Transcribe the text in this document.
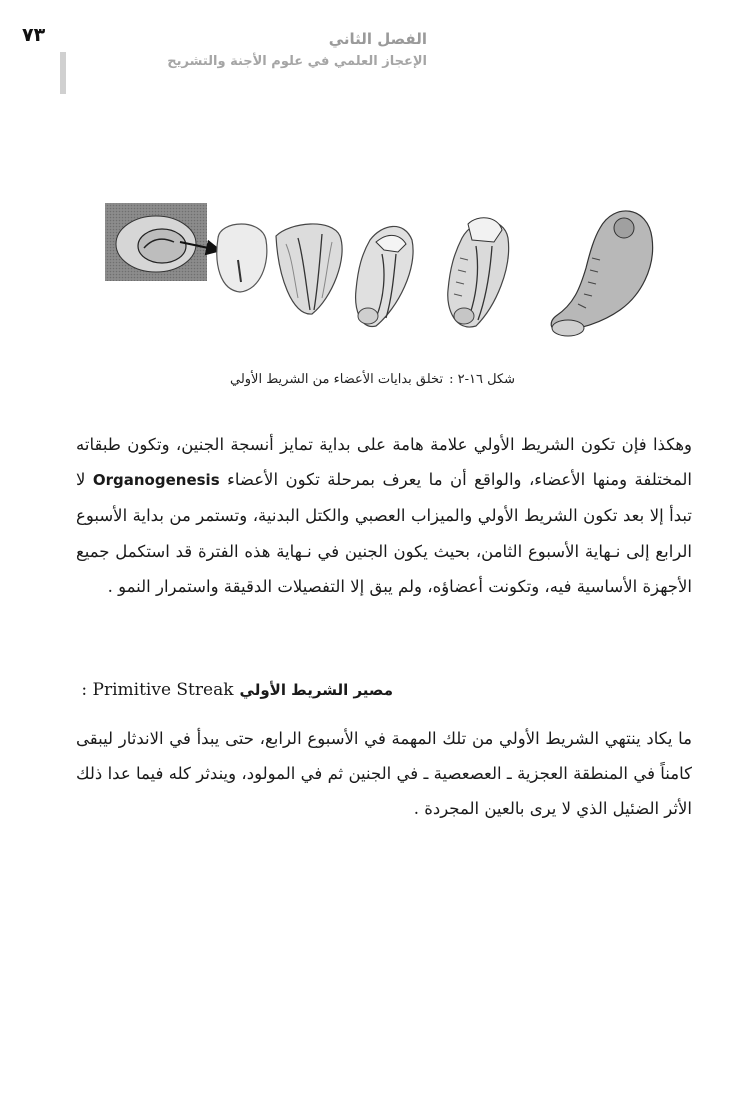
٧٣	الفصل الثاني
الإعجاز العلمي في علوم الأجنة والتشريح
شكل ١٦-٢ :تخلق بدايات الأعضاء من الشريط الأولي
وهكذا فإن تكون الشريط الأولي علامة هامة على بداية تمايز أنسجة الجنين، وتكون طبقاته المختلفة ومنها الأعضاء، والواقع أن ما يعرف بمرحلة تكون الأعضاء Organogenesis لا تبدأ إلا بعد تكون الشريط الأولي والميزاب العصبي والكتل البدنية، وتستمر من بداية الأسبوع الرابع إلى نـهاية الأسبوع الثامن، بحيث يكون الجنين في نـهاية هذه الفترة قد استكمل جميع الأجهزة الأساسية فيه، وتكونت أعضاؤه، ولم يبق إلا التفصيلات الدقيقة واستمرار النمو .
مصير الشريط الأوليPrimitive Streak :
ما يكاد ينتهي الشريط الأولي من تلك المهمة في الأسبوع الرابع، حتى يبدأ في الاندثار ليبقى كامناً في المنطقة العجزية ـ العصعصية ـ في الجنين ثم في المولود، ويندثر كله فيما عدا ذلك الأثر الضئيل الذي لا يرى بالعين المجردة .
